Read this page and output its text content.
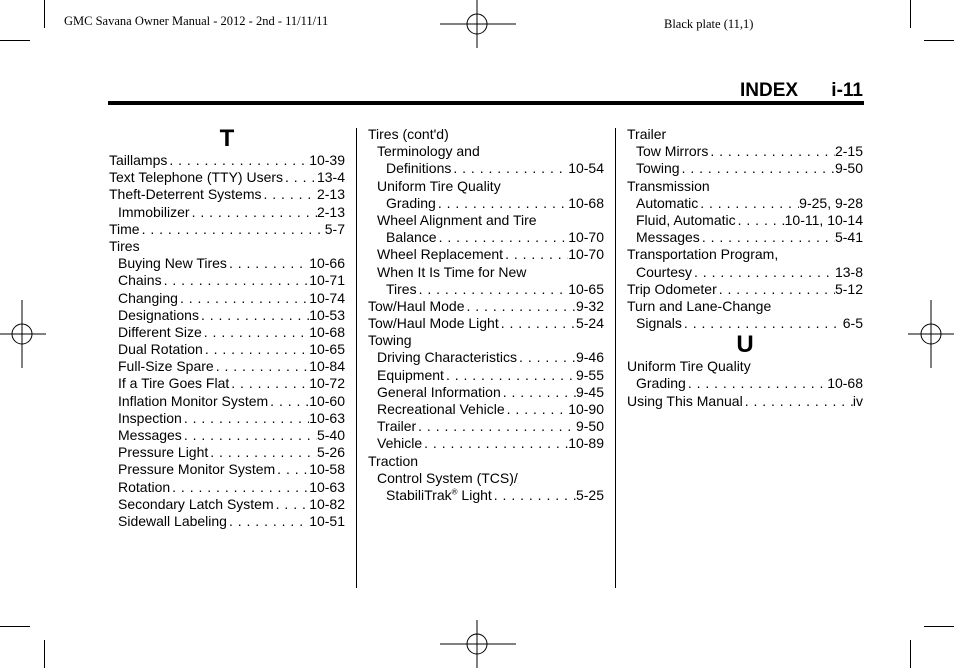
GMC Savana Owner Manual - 2012 - 2nd - 11/11/11	Black plate (11,1)
INDEX i-11
T
Taillamps . . .	10-39
Text Telephone (TTY) Users . . . 13-4
Theft-Deterrent Systems . . .	2-13
Immobilizer . . .	2-13
Time . . .	5-7
Tires
Buying New Tires . . .	10-66
Chains . . .	10-71
Changing . . .	10-74
Designations . . .	10-53
Different Size . . .	10-68
Dual Rotation . . .	10-65
Full-Size Spare . . .	10-84
If a Tire Goes Flat . . .	10-72
Inflation Monitor System . . .	10-60
Inspection . . .	10-63
Messages . . .	5-40
Pressure Light . . .	5-26
Pressure Monitor System . . . 10-58
Rotation . . .	10-63
Secondary Latch System . . .	10-82
Sidewall Labeling . . .	10-51
Tires (cont'd)
Terminology and
Definitions . . .	10-54
Uniform Tire Quality
Grading . . .	10-68
Wheel Alignment and Tire
Balance . . .	10-70
Wheel Replacement . . .	10-70
When It Is Time for New
Tires . . .	10-65
Tow/Haul Mode . . .	9-32
Tow/Haul Mode Light . . .	5-24
Towing
Driving Characteristics . . .	9-46
Equipment . . .	9-55
General Information . . .	9-45
Recreational Vehicle . . .	10-90
Trailer . . .	9-50
Vehicle . . .	10-89
Traction
Control System (TCS)/
StabiliTrak® Light . . .	5-25
Trailer
Tow Mirrors . . .	2-15
Towing . . .	9-50
Transmission
Automatic . . .	9-25, 9-28
Fluid, Automatic . . .	10-11, 10-14
Messages . . .	5-41
Transportation Program,
Courtesy . . .	13-8
Trip Odometer . . .	5-12
Turn and Lane-Change
Signals . . .	6-5
U
Uniform Tire Quality
Grading . . .	10-68
Using This Manual . . .	iv
